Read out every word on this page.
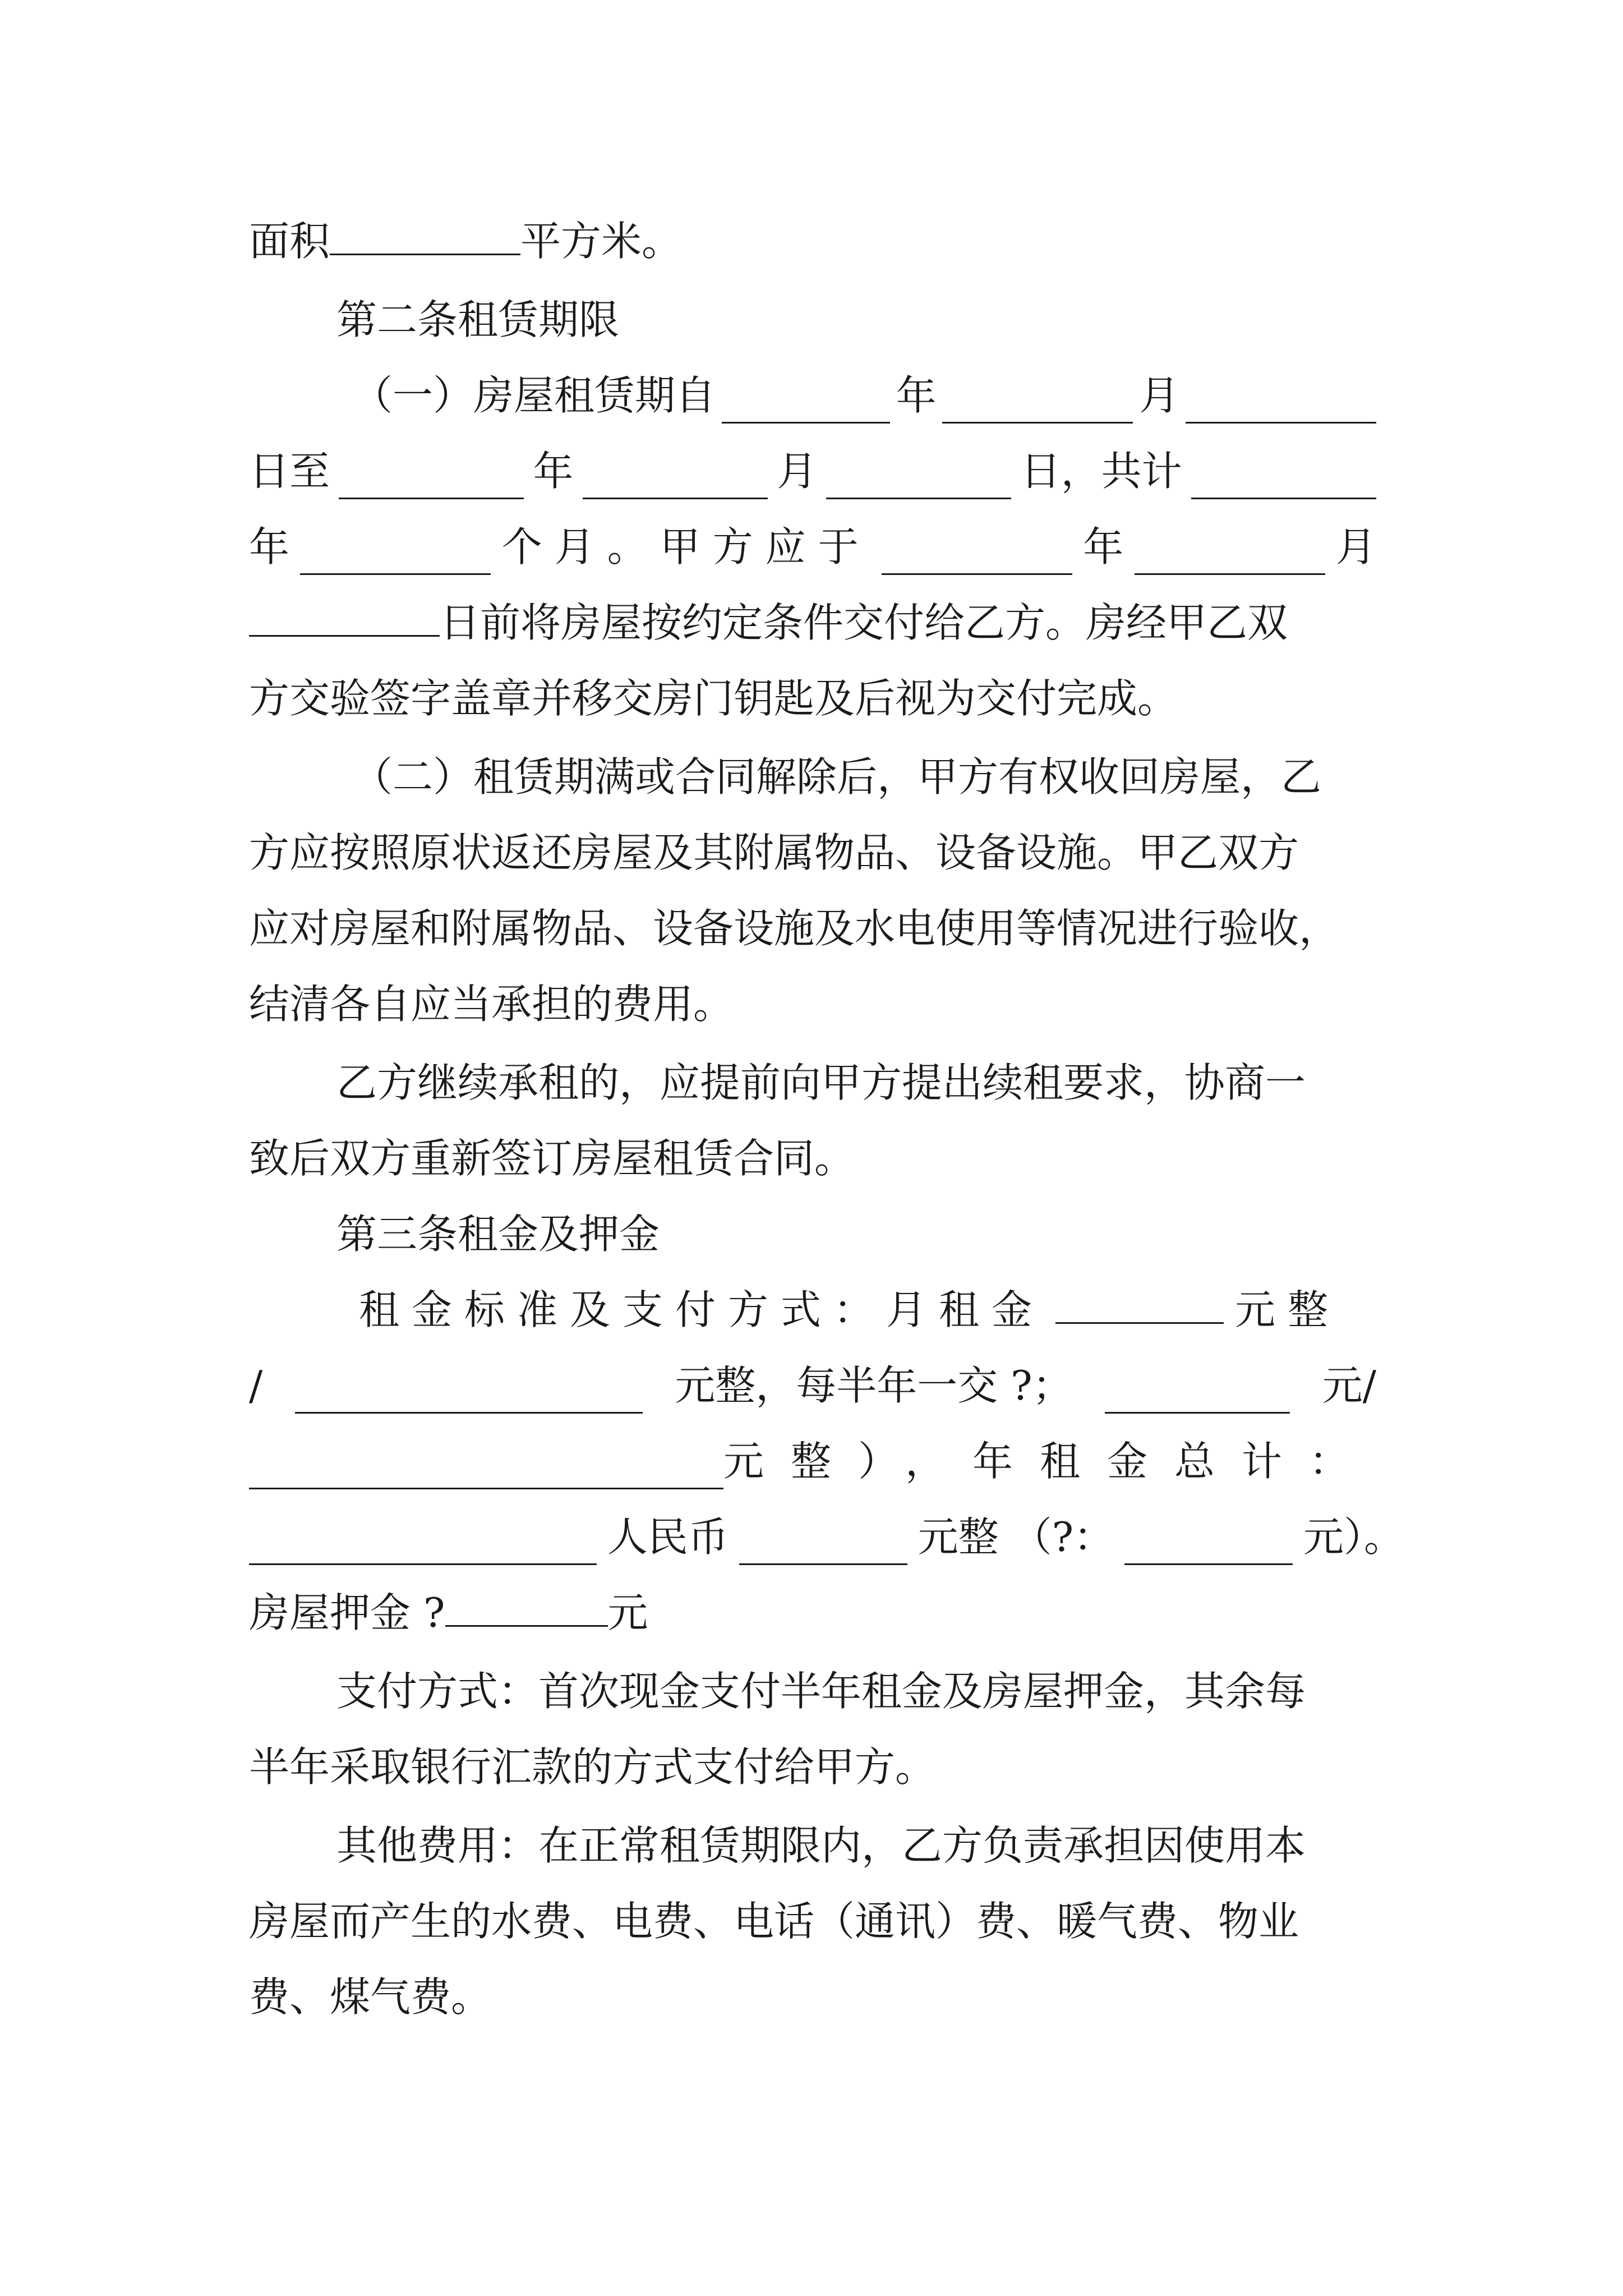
面积	平方米。
第二条租赁期限
（一）房屋租赁期自	年	月
日至	年	月	日，共计
年	个月。甲方应于	年	月
日前将房屋按约定条件交付给乙方。房经甲乙双
方交验签字盖章并移交房门钥匙及后视为交付完成。
（二）租赁期满或合同解除后，甲方有权收回房屋，乙
方应按照原状返还房屋及其附属物品、设备设施。甲乙双方
应对房屋和附属物品、设备设施及水电使用等情况进行验收，
结清各自应当承担的费用。
乙方继续承租的，应提前向甲方提出续租要求，协商一
致后双方重新签订房屋租赁合同。
第三条租金及押金
租金标准及支付方式：月租金	元整
/	元整，每半年一交 ?；	元/
元整），年租金总计：
人民币	元整 （?：	元）。
房屋押金 ?	元
支付方式：首次现金支付半年租金及房屋押金，其余每
半年采取银行汇款的方式支付给甲方。
其他费用：在正常租赁期限内，乙方负责承担因使用本
房屋而产生的水费、电费、电话（通讯）费、暖气费、物业
费、煤气费。
